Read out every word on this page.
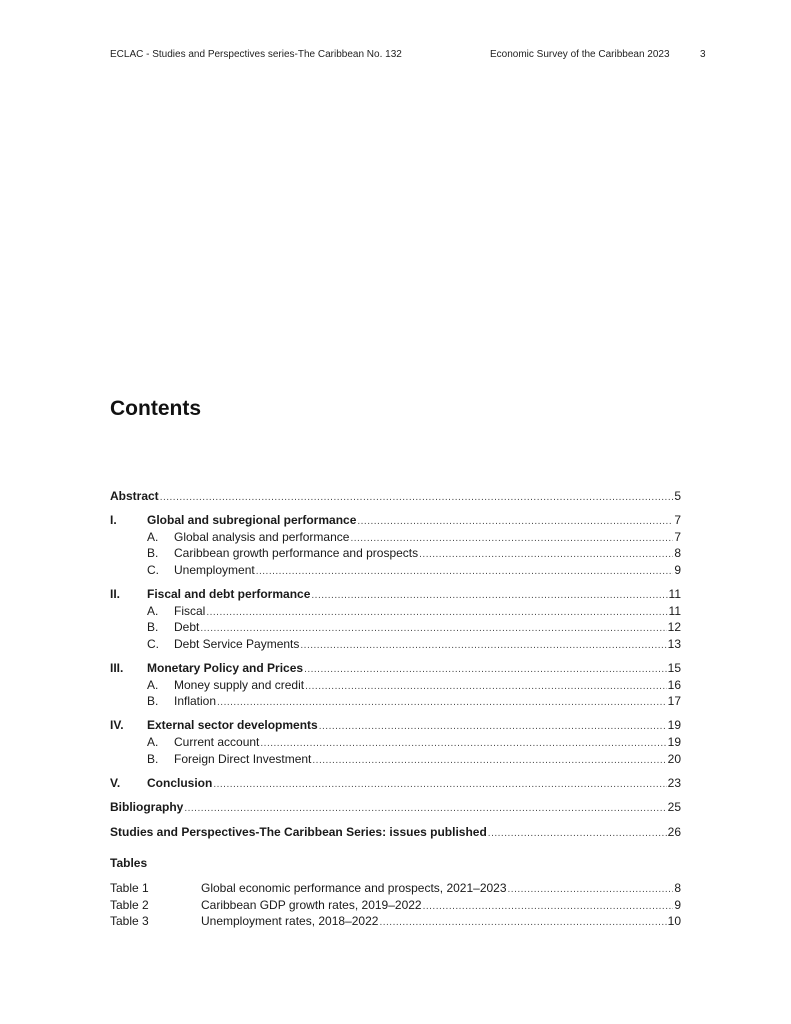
ECLAC - Studies and Perspectives series-The Caribbean No. 132	Economic Survey of the Caribbean 2023	3
Contents
Abstract .....	5
I.	Global and subregional performance .....	7
A.	Global analysis and performance .....	7
B.	Caribbean growth performance and prospects .....	8
C.	Unemployment .....	9
II.	Fiscal and debt performance .....	11
A.	Fiscal .....	11
B.	Debt .....	12
C.	Debt Service Payments .....	13
III.	Monetary Policy and Prices .....	15
A.	Money supply and credit .....	16
B.	Inflation .....	17
IV.	External sector developments .....	19
A.	Current account .....	19
B.	Foreign Direct Investment .....	20
V.	Conclusion .....	23
Bibliography .....	25
Studies and Perspectives-The Caribbean Series: issues published .....	26
Table 1	Global economic performance and prospects, 2021–2023 .....	8
Table 2	Caribbean GDP growth rates, 2019–2022 .....	9
Table 3	Unemployment rates, 2018–2022 .....	10
Tables
